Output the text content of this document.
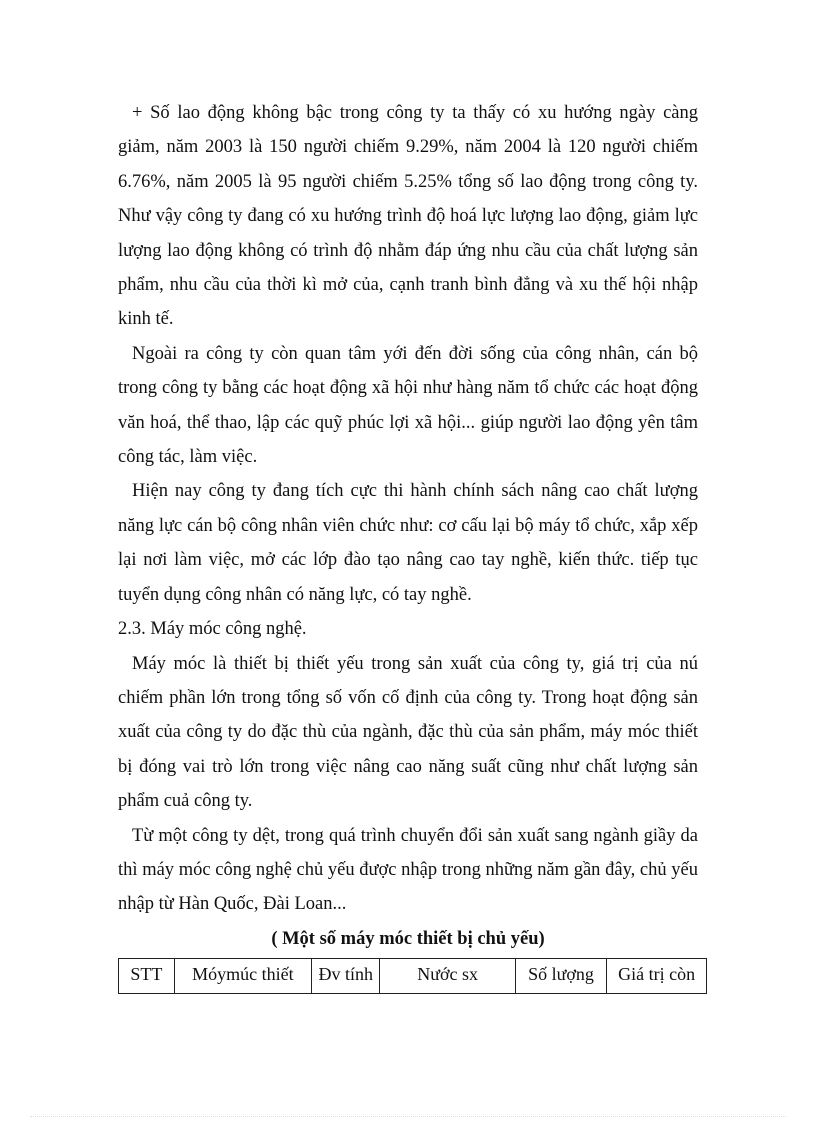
+ Số lao động không bậc trong công ty ta thấy có xu hướng ngày càng giảm, năm 2003 là 150 người chiếm 9.29%, năm 2004 là 120 người chiếm 6.76%, năm 2005 là 95 người chiếm 5.25% tổng số lao động trong công ty. Như vậy công ty đang có xu hướng trình độ hoá lực lượng lao động, giảm lực lượng lao động không có trình độ nhằm đáp ứng nhu cầu của chất lượng sản phẩm, nhu cầu của thời kì mở của, cạnh tranh bình đẳng và xu thế hội nhập kinh tế.

Ngoài ra công ty còn quan tâm yới đến đời sống của công nhân, cán bộ trong công ty bằng các hoạt động xã hội như hàng năm tổ chức các hoạt động văn hoá, thể thao, lập các quỹ phúc lợi xã hội... giúp người lao động yên tâm công tác, làm việc.

Hiện nay công ty đang tích cực thi hành chính sách nâng cao chất lượng năng lực cán bộ công nhân viên chức như: cơ cấu lại bộ máy tổ chức, xắp xếp lại nơi làm việc, mở các lớp đào tạo nâng cao tay nghề, kiến thức. tiếp tục tuyển dụng công nhân có năng lực, có tay nghề.

2.3. Máy móc công nghệ.

Máy móc là thiết bị thiết yếu trong sản xuất của công ty, giá trị của nú chiếm phần lớn trong tổng số vốn cố định của công ty. Trong hoạt động sản xuất của công ty do đặc thù của ngành, đặc thù của sản phẩm, máy móc thiết bị đóng vai trò lớn trong việc nâng cao năng suất cũng như chất lượng sản phẩm cuả công ty.

Từ một công ty dệt, trong quá trình chuyển đổi sản xuất sang ngành giầy da thì máy móc công nghệ chủ yếu được nhập trong những năm gần đây, chủ yếu nhập từ Hàn Quốc, Đài Loan...

( Một số máy móc thiết bị chủ yếu)

STT	Móymúc thiết	Đv tính	Nước sx	Số lượng	Giá trị còn
